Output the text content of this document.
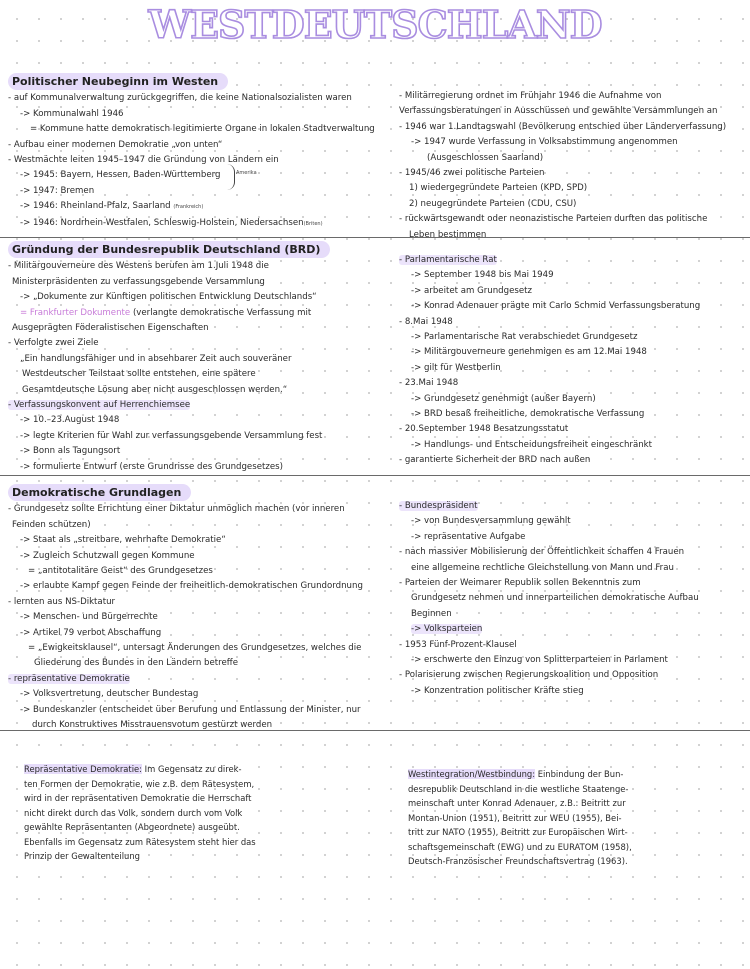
WESTDEUTSCHLAND
Politischer Neubeginn im Westen
- auf Kommunalverwaltung zurückgegriffen, die keine Nationalsozialisten waren
-> Kommunalwahl 1946
= Kommune hatte demokratisch legitimierte Organe in lokalen Stadtverwaltung
- Aufbau einer modernen Demokratie „von unten“
- Westmächte leiten 1945–1947 die Gründung von Ländern ein
-> 1945: Bayern, Hessen, Baden-Württemberg
-> 1947: Bremen
-> 1946: Rheinland-Pfalz, Saarland (Frankreich)
-> 1946: Nordrhein-Westfalen, Schleswig-Holstein, Niedersachsen(Briten)
Amerika
- Militärregierung ordnet im Frühjahr 1946 die Aufnahme von
Verfassungsberatungen in Ausschüssen und gewählte Versammlungen an
- 1946 war 1.Landtagswahl (Bevölkerung entschied über Länderverfassung)
-> 1947 wurde Verfassung in Volksabstimmung angenommen
(Ausgeschlossen Saarland)
- 1945/46 zwei politische Parteien
1) wiedergegründete Parteien (KPD, SPD)
2) neugegründete Parteien (CDU, CSU)
- rückwärtsgewandt oder neonazistische Parteien durften das politische
Leben bestimmen
Gründung der Bundesrepublik Deutschland (BRD)
- Militärgouverneure des Westens berufen am 1.Juli 1948 die
Ministerpräsidenten zu verfassungsgebende Versammlung
-> „Dokumente zur Künftigen politischen Entwicklung Deutschlands“
= Frankfurter Dokumente (verlangte demokratische Verfassung mit
Ausgeprägten Föderalistischen Eigenschaften
- Verfolgte zwei Ziele
„Ein handlungsfähiger und in absehbarer Zeit auch souveräner
Westdeutscher Teilstaat sollte entstehen, eine spätere
Gesamtdeutsche Lösung aber nicht ausgeschlossen werden.“
- Verfassungskonvent auf Herrenchiemsee
-> 10.–23.August 1948
-> legte Kriterien für Wahl zur verfassungsgebende Versammlung fest
-> Bonn als Tagungsort
-> formulierte Entwurf (erste Grundrisse des Grundgesetzes)
- Parlamentarische Rat
-> September 1948 bis Mai 1949
-> arbeitet am Grundgesetz
-> Konrad Adenauer prägte mit Carlo Schmid Verfassungsberatung
- 8.Mai 1948
-> Parlamentarische Rat verabschiedet Grundgesetz
-> Militärgouverneure genehmigen es am 12.Mai 1948
-> gilt für Westberlin
- 23.Mai 1948
-> Grundgesetz genehmigt (außer Bayern)
-> BRD besaß freiheitliche, demokratische Verfassung
- 20.September 1948 Besatzungsstatut
-> Handlungs- und Entscheidungsfreiheit eingeschränkt
- garantierte Sicherheit der BRD nach außen
Demokratische Grundlagen
- Grundgesetz sollte Errichtung einer Diktatur unmöglich machen (vor inneren
Feinden schützen)
-> Staat als „streitbare, wehrhafte Demokratie“
-> Zugleich Schutzwall gegen Kommune
= „antitotalitäre Geist“ des Grundgesetzes
-> erlaubte Kampf gegen Feinde der freiheitlich-demokratischen Grundordnung
- lernten aus NS-Diktatur
-> Menschen- und Bürgerrechte
-> Artikel 79 verbot Abschaffung
= „Ewigkeitsklausel“, untersagt Änderungen des Grundgesetzes, welches die
Gliederung des Bundes in den Ländern betreffe
- repräsentative Demokratie
-> Volksvertretung, deutscher Bundestag
-> Bundeskanzler (entscheidet über Berufung und Entlassung der Minister, nur
durch Konstruktives Misstrauensvotum gestürzt werden
- Bundespräsident
-> von Bundesversammlung gewählt
-> repräsentative Aufgabe
- nach massiver Mobilisierung der Öffentlichkeit schaffen 4 Frauen
eine allgemeine rechtliche Gleichstellung von Mann und Frau
- Parteien der Weimarer Republik sollen Bekenntnis zum
Grundgesetz nehmen und innerparteilichen demokratische Aufbau
Beginnen
-> Volksparteien
- 1953 Fünf-Prozent-Klausel
-> erschwerte den Einzug von Splitterparteien in Parlament
- Polarisierung zwischen Regierungskoalition und Opposition
-> Konzentration politischer Kräfte stieg
Repräsentative Demokratie: Im Gegensatz zu direk-
ten Formen der Demokratie, wie z.B. dem Rätesystem,
wird in der repräsentativen Demokratie die Herrschaft
nicht direkt durch das Volk, sondern durch vom Volk
gewählte Repräsentanten (Abgeordnete) ausgeübt.
Ebenfalls im Gegensatz zum Rätesystem steht hier das
Prinzip der Gewaltenteilung
Westintegration/Westbindung: Einbindung der Bun-
desrepublik Deutschland in die westliche Staatenge-
meinschaft unter Konrad Adenauer, z.B.: Beitritt zur
Montan-Union (1951), Beitritt zur WEU (1955), Bei-
tritt zur NATO (1955), Beitritt zur Europäischen Wirt-
schaftsgemeinschaft (EWG) und zu EURATOM (1958),
Deutsch-Französischer Freundschaftsvertrag (1963).
